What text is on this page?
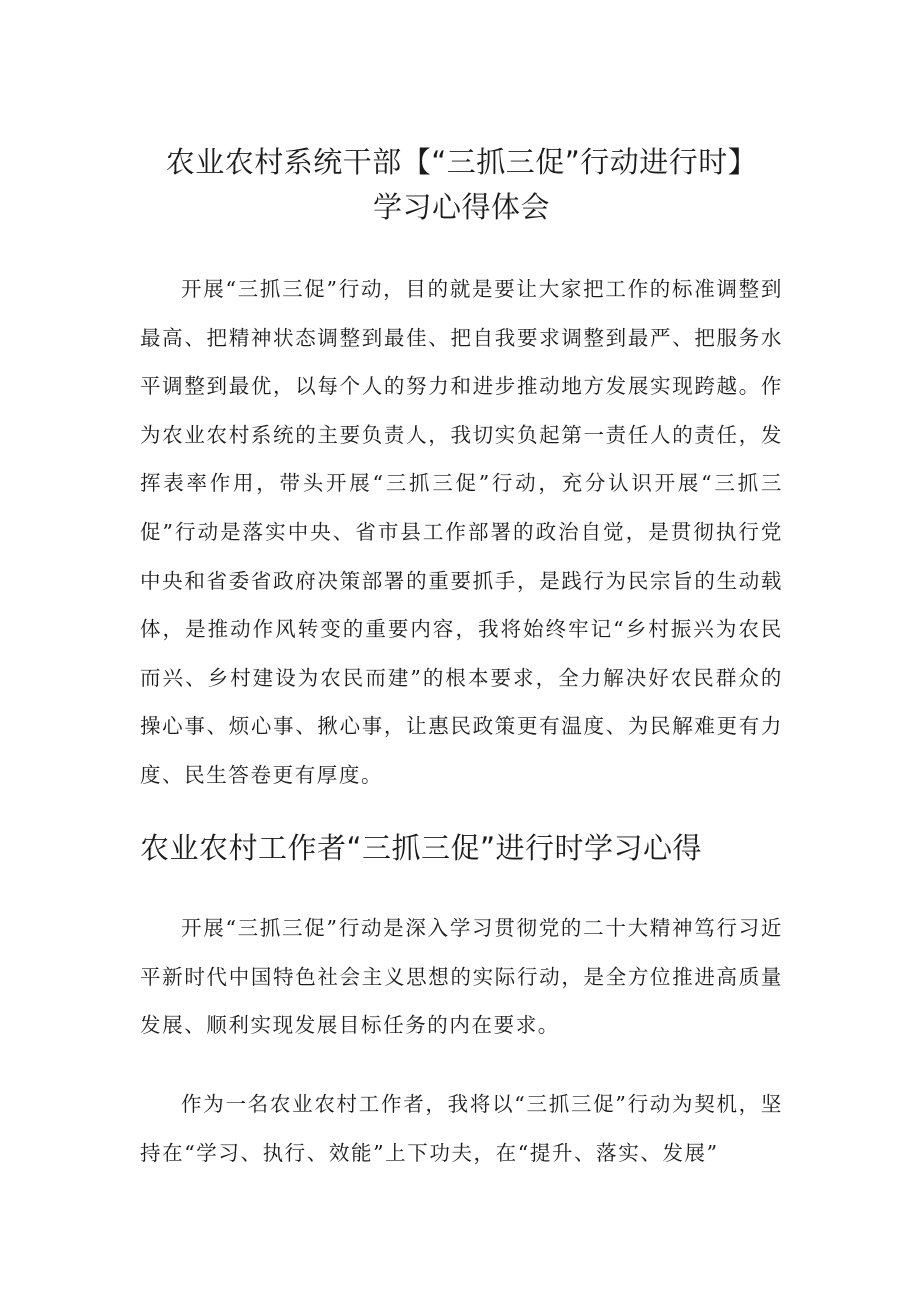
农业农村系统干部【“三抓三促”行动进行时】
学习心得体会

开展“三抓三促”行动，目的就是要让大家把工作的标准调整到最高、把精神状态调整到最佳、把自我要求调整到最严、把服务水平调整到最优，以每个人的努力和进步推动地方发展实现跨越。作为农业农村系统的主要负责人，我切实负起第一责任人的责任，发挥表率作用，带头开展“三抓三促”行动，充分认识开展“三抓三促”行动是落实中央、省市县工作部署的政治自觉，是贯彻执行党中央和省委省政府决策部署的重要抓手，是践行为民宗旨的生动载体，是推动作风转变的重要内容，我将始终牢记“乡村振兴为农民而兴、乡村建设为农民而建”的根本要求，全力解决好农民群众的操心事、烦心事、揪心事，让惠民政策更有温度、为民解难更有力度、民生答卷更有厚度。

农业农村工作者“三抓三促”进行时学习心得

开展“三抓三促”行动是深入学习贯彻党的二十大精神笃行习近平新时代中国特色社会主义思想的实际行动，是全方位推进高质量发展、顺利实现发展目标任务的内在要求。

作为一名农业农村工作者，我将以“三抓三促”行动为契机，坚持在“学习、执行、效能”上下功夫，在“提升、落实、发展”
